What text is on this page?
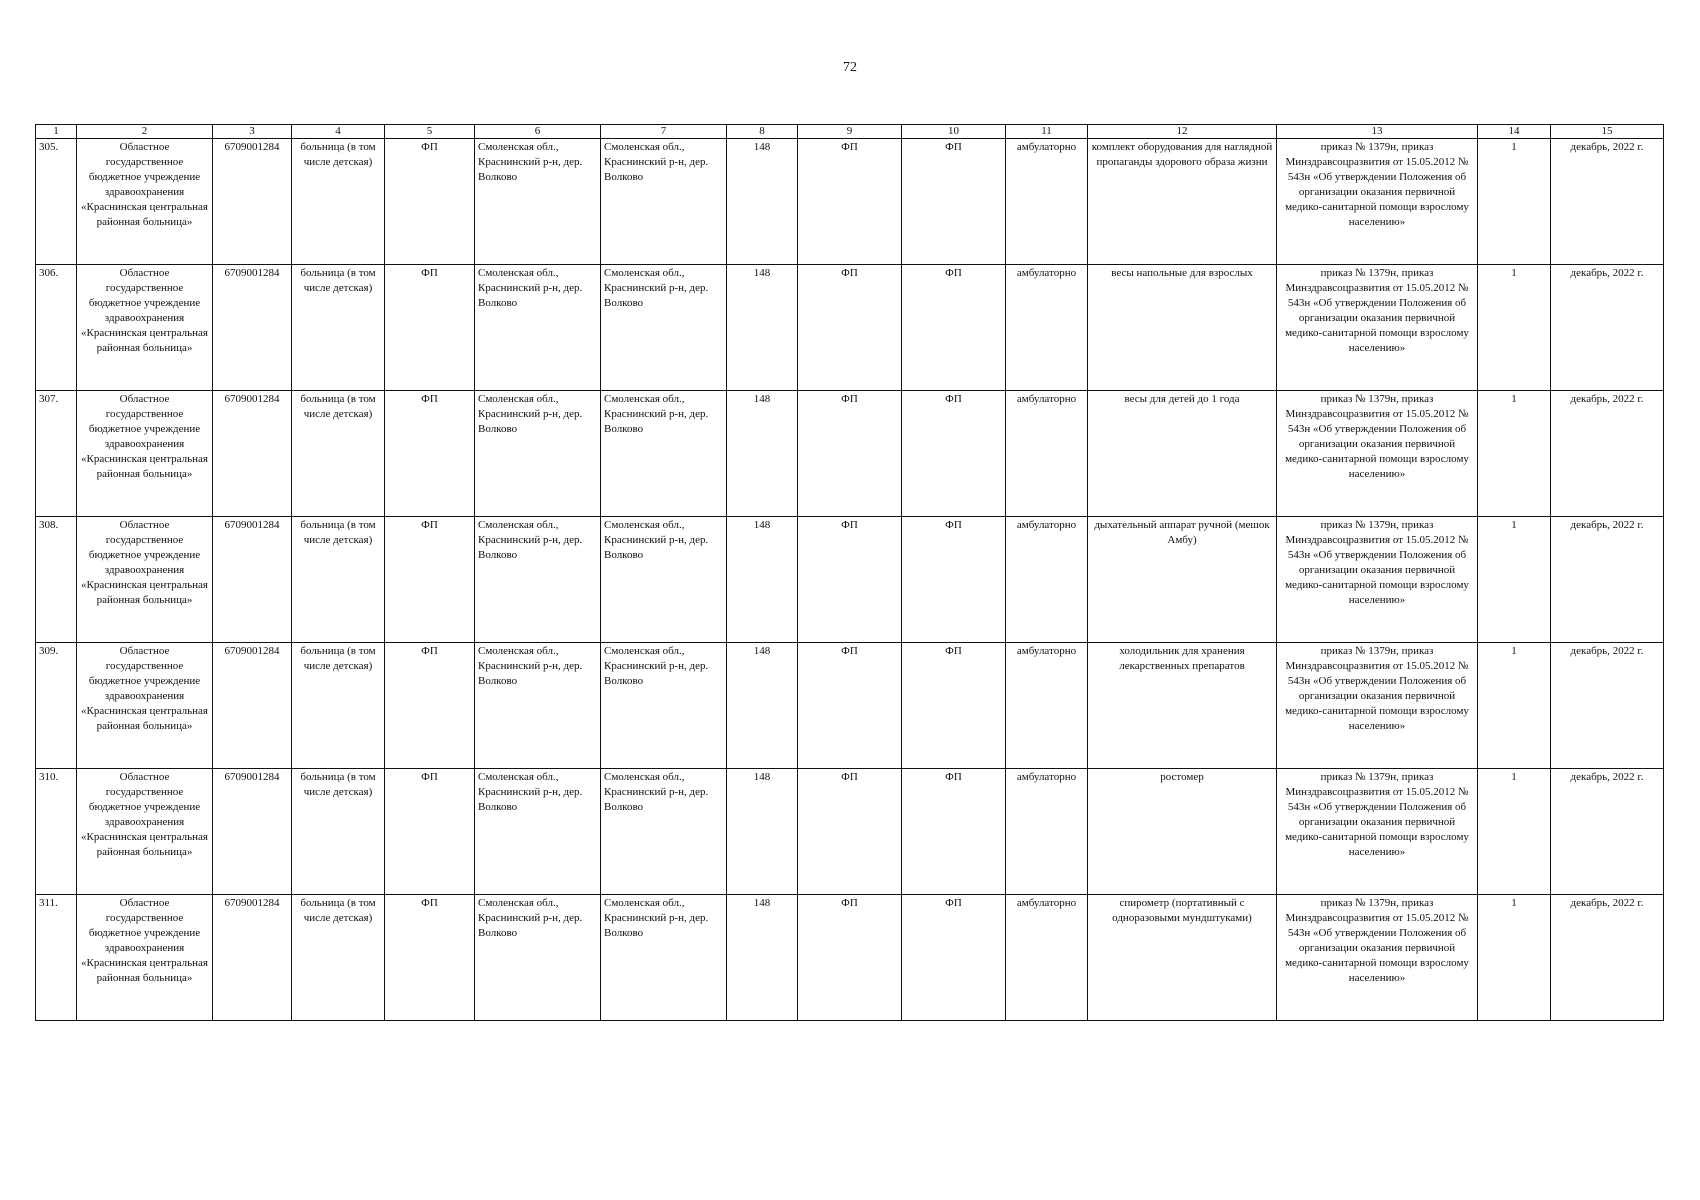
72
1	2	3	4	5	6	7	8	9	10	11	12	13	14	15
305.	Областное государственное бюджетное учреждение здравоохранения «Краснинская центральная районная больница»	6709001284	больница (в том числе детская)	ФП	Смоленская обл., Краснинский р-н, дер. Волково	Смоленская обл., Краснинский р-н, дер. Волково	148	ФП	ФП	амбулаторно	комплект оборудования для наглядной пропаганды здорового образа жизни	приказ № 1379н, приказ Минздравсоцразвития от 15.05.2012 № 543н «Об утверждении Положения об организации оказания первичной медико-санитарной помощи взрослому населению»	1	декабрь, 2022 г.
306.	Областное государственное бюджетное учреждение здравоохранения «Краснинская центральная районная больница»	6709001284	больница (в том числе детская)	ФП	Смоленская обл., Краснинский р-н, дер. Волково	Смоленская обл., Краснинский р-н, дер. Волково	148	ФП	ФП	амбулаторно	весы напольные для взрослых	приказ № 1379н, приказ Минздравсоцразвития от 15.05.2012 № 543н «Об утверждении Положения об организации оказания первичной медико-санитарной помощи взрослому населению»	1	декабрь, 2022 г.
307.	Областное государственное бюджетное учреждение здравоохранения «Краснинская центральная районная больница»	6709001284	больница (в том числе детская)	ФП	Смоленская обл., Краснинский р-н, дер. Волково	Смоленская обл., Краснинский р-н, дер. Волково	148	ФП	ФП	амбулаторно	весы для детей до 1 года	приказ № 1379н, приказ Минздравсоцразвития от 15.05.2012 № 543н «Об утверждении Положения об организации оказания первичной медико-санитарной помощи взрослому населению»	1	декабрь, 2022 г.
308.	Областное государственное бюджетное учреждение здравоохранения «Краснинская центральная районная больница»	6709001284	больница (в том числе детская)	ФП	Смоленская обл., Краснинский р-н, дер. Волково	Смоленская обл., Краснинский р-н, дер. Волково	148	ФП	ФП	амбулаторно	дыхательный аппарат ручной (мешок Амбу)	приказ № 1379н, приказ Минздравсоцразвития от 15.05.2012 № 543н «Об утверждении Положения об организации оказания первичной медико-санитарной помощи взрослому населению»	1	декабрь, 2022 г.
309.	Областное государственное бюджетное учреждение здравоохранения «Краснинская центральная районная больница»	6709001284	больница (в том числе детская)	ФП	Смоленская обл., Краснинский р-н, дер. Волково	Смоленская обл., Краснинский р-н, дер. Волково	148	ФП	ФП	амбулаторно	холодильник для хранения лекарственных препаратов	приказ № 1379н, приказ Минздравсоцразвития от 15.05.2012 № 543н «Об утверждении Положения об организации оказания первичной медико-санитарной помощи взрослому населению»	1	декабрь, 2022 г.
310.	Областное государственное бюджетное учреждение здравоохранения «Краснинская центральная районная больница»	6709001284	больница (в том числе детская)	ФП	Смоленская обл., Краснинский р-н, дер. Волково	Смоленская обл., Краснинский р-н, дер. Волково	148	ФП	ФП	амбулаторно	ростомер	приказ № 1379н, приказ Минздравсоцразвития от 15.05.2012 № 543н «Об утверждении Положения об организации оказания первичной медико-санитарной помощи взрослому населению»	1	декабрь, 2022 г.
311.	Областное государственное бюджетное учреждение здравоохранения «Краснинская центральная районная больница»	6709001284	больница (в том числе детская)	ФП	Смоленская обл., Краснинский р-н, дер. Волково	Смоленская обл., Краснинский р-н, дер. Волково	148	ФП	ФП	амбулаторно	спирометр (портативный с одноразовыми мундштуками)	приказ № 1379н, приказ Минздравсоцразвития от 15.05.2012 № 543н «Об утверждении Положения об организации оказания первичной медико-санитарной помощи взрослому населению»	1	декабрь, 2022 г.
